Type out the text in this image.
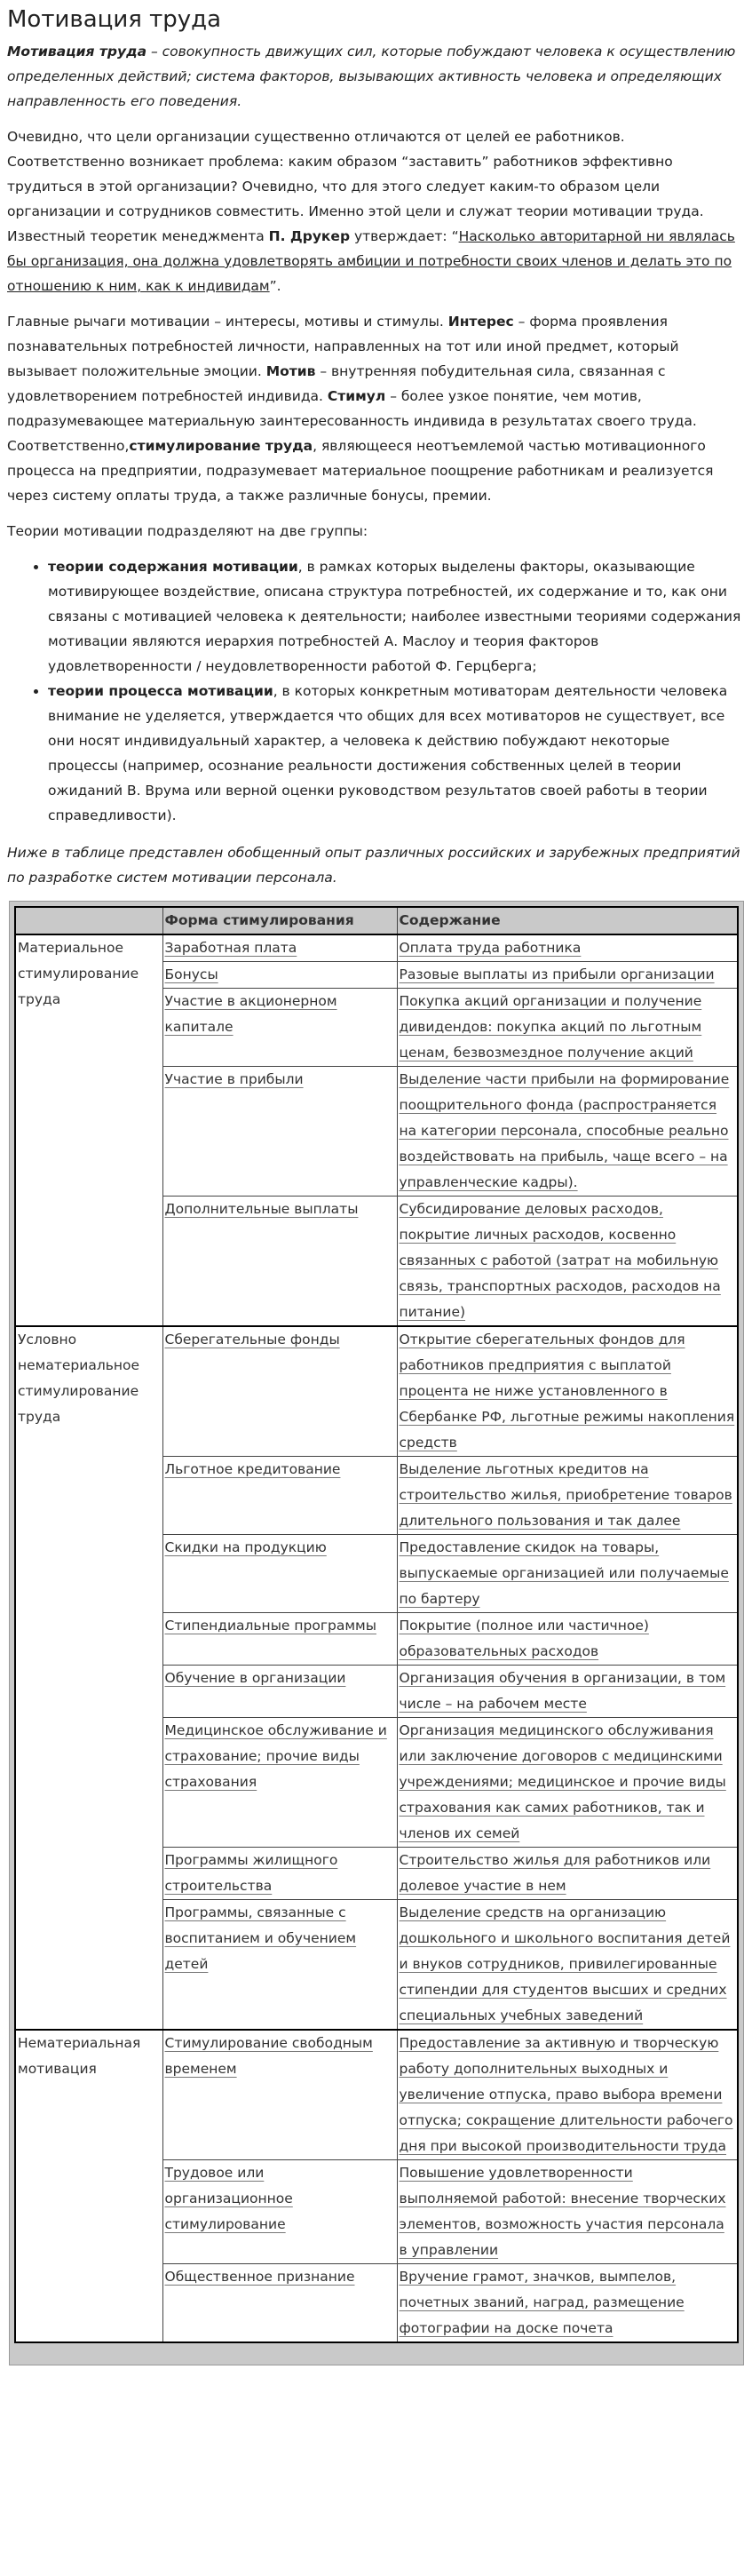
Мотивация труда

Мотивация труда – совокупность движущих сил, которые побуждают человека к осуществлению определенных действий; система факторов, вызывающих активность человека и определяющих направленность его поведения.

Очевидно, что цели организации существенно отличаются от целей ее работников. Соответственно возникает проблема: каким образом “заставить” работников эффективно трудиться в этой организации? Очевидно, что для этого следует каким-то образом цели организации и сотрудников совместить. Именно этой цели и служат теории мотивации труда. Известный теоретик менеджмента П. Друкер утверждает: “Насколько авторитарной ни являлась бы организация, она должна удовлетворять амбиции и потребности своих членов и делать это по отношению к ним, как к индивидам”.

Главные рычаги мотивации – интересы, мотивы и стимулы. Интерес – форма проявления познавательных потребностей личности, направленных на тот или иной предмет, который вызывает положительные эмоции. Мотив – внутренняя побудительная сила, связанная с удовлетворением потребностей индивида. Стимул – более узкое понятие, чем мотив, подразумевающее материальную заинтересованность индивида в результатах своего труда. Соответственно,стимулирование труда, являющееся неотъемлемой частью мотивационного процесса на предприятии, подразумевает материальное поощрение работникам и реализуется через систему оплаты труда, а также различные бонусы, премии.

Теории мотивации подразделяют на две группы:

• теории содержания мотивации, в рамках которых выделены факторы, оказывающие мотивирующее воздействие, описана структура потребностей, их содержание и то, как они связаны с мотивацией человека к деятельности; наиболее известными теориями содержания мотивации являются иерархия потребностей А. Маслоу и теория факторов удовлетворенности / неудовлетворенности работой Ф. Герцберга;
• теории процесса мотивации, в которых конкретным мотиваторам деятельности человека внимание не уделяется, утверждается что общих для всех мотиваторов не существует, все они носят индивидуальный характер, а человека к действию побуждают некоторые процессы (например, осознание реальности достижения собственных целей в теории ожиданий В. Врума или верной оценки руководством результатов своей работы в теории справедливости).

Ниже в таблице представлен обобщенный опыт различных российских и зарубежных предприятий по разработке систем мотивации персонала.

	Форма стимулирования	Содержание
Материальное стимулирование труда	Заработная плата	Оплата труда работника
	Бонусы	Разовые выплаты из прибыли организации
	Участие в акционерном капитале	Покупка акций организации и получение дивидендов: покупка акций по льготным ценам, безвозмездное получение акций
	Участие в прибыли	Выделение части прибыли на формирование поощрительного фонда (распространяется на категории персонала, способные реально воздействовать на прибыль, чаще всего – на управленческие кадры).
	Дополнительные выплаты	Субсидирование деловых расходов, покрытие личных расходов, косвенно связанных с работой (затрат на мобильную связь, транспортных расходов, расходов на питание)
Условно нематериальное стимулирование труда	Сберегательные фонды	Открытие сберегательных фондов для работников предприятия с выплатой процента не ниже установленного в Сбербанке РФ, льготные режимы накопления средств
	Льготное кредитование	Выделение льготных кредитов на строительство жилья, приобретение товаров длительного пользования и так далее
	Скидки на продукцию	Предоставление скидок на товары, выпускаемые организацией или получаемые по бартеру
	Стипендиальные программы	Покрытие (полное или частичное) образовательных расходов
	Обучение в организации	Организация обучения в организации, в том числе – на рабочем месте
	Медицинское обслуживание и страхование; прочие виды страхования	Организация медицинского обслуживания или заключение договоров с медицинскими учреждениями; медицинское и прочие виды страхования как самих работников, так и членов их семей
	Программы жилищного строительства	Строительство жилья для работников или долевое участие в нем
	Программы, связанные с воспитанием и обучением детей	Выделение средств на организацию дошкольного и школьного воспитания детей и внуков сотрудников, привилегированные стипендии для студентов высших и средних специальных учебных заведений
Нематериальная мотивация	Стимулирование свободным временем	Предоставление за активную и творческую работу дополнительных выходных и увеличение отпуска, право выбора времени отпуска; сокращение длительности рабочего дня при высокой производительности труда
	Трудовое или организационное стимулирование	Повышение удовлетворенности выполняемой работой: внесение творческих элементов, возможность участия персонала в управлении
	Общественное признание	Вручение грамот, значков, вымпелов, почетных званий, наград, размещение фотографии на доске почета
